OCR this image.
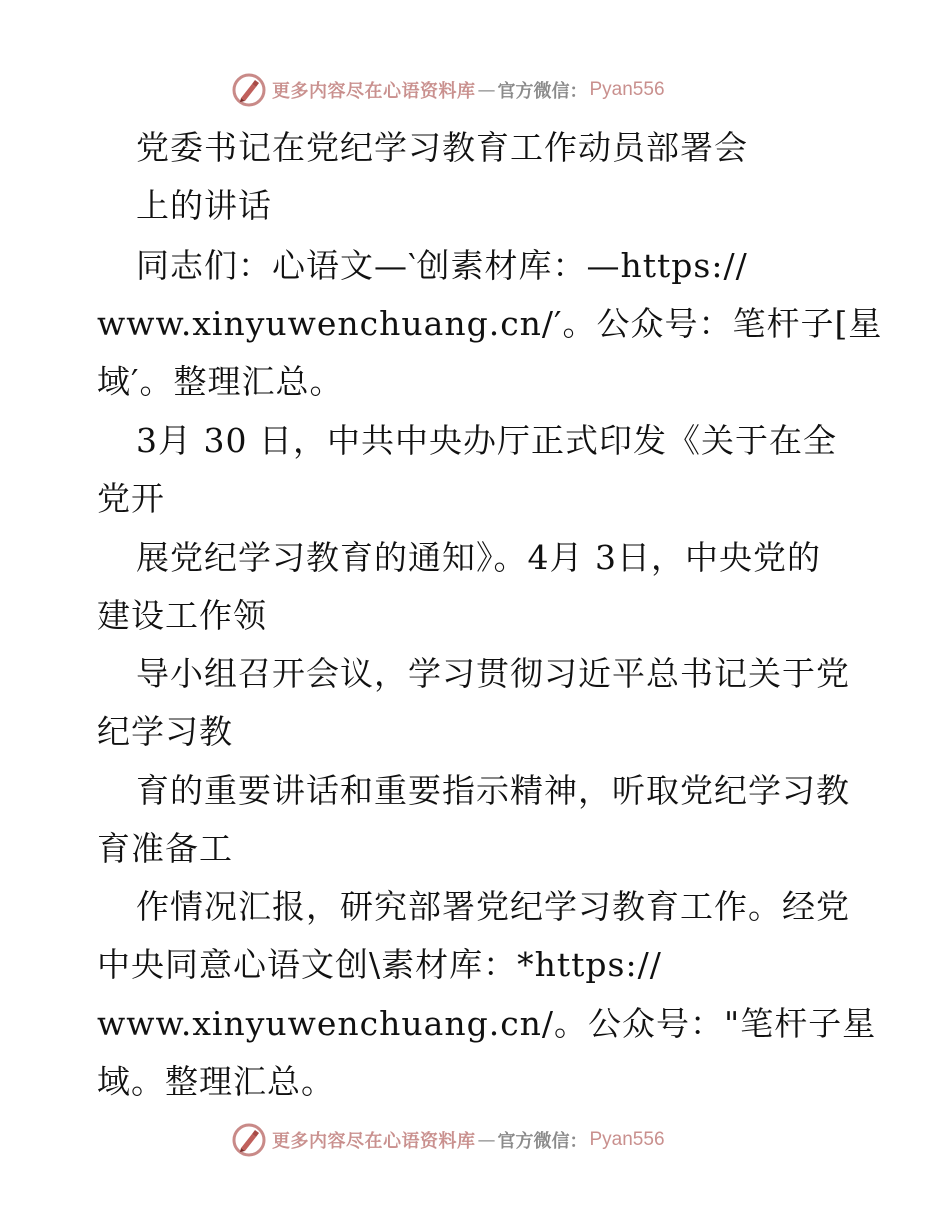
更多内容尽在心语资料库 — 官方微信： Pyan556
党委书记在党纪学习教育工作动员部署会
上的讲话
同志们：心语文—‵创素材库：—https://
www.xinyuwenchuang.cn/′。公众号：笔杆子[星
域′。整理汇总。
3月 30 日，中共中央办厅正式印发《关于在全
党开
展党纪学习教育的通知》。4月 3日，中央党的
建设工作领
导小组召开会议，学习贯彻习近平总书记关于党
纪学习教
育的重要讲话和重要指示精神，听取党纪学习教
育准备工
作情况汇报，研究部署党纪学习教育工作。经党
中央同意心语文创\素材库：*https://
www.xinyuwenchuang.cn/。公众号："笔杆子星
域。整理汇总。
更多内容尽在心语资料库 — 官方微信： Pyan556
